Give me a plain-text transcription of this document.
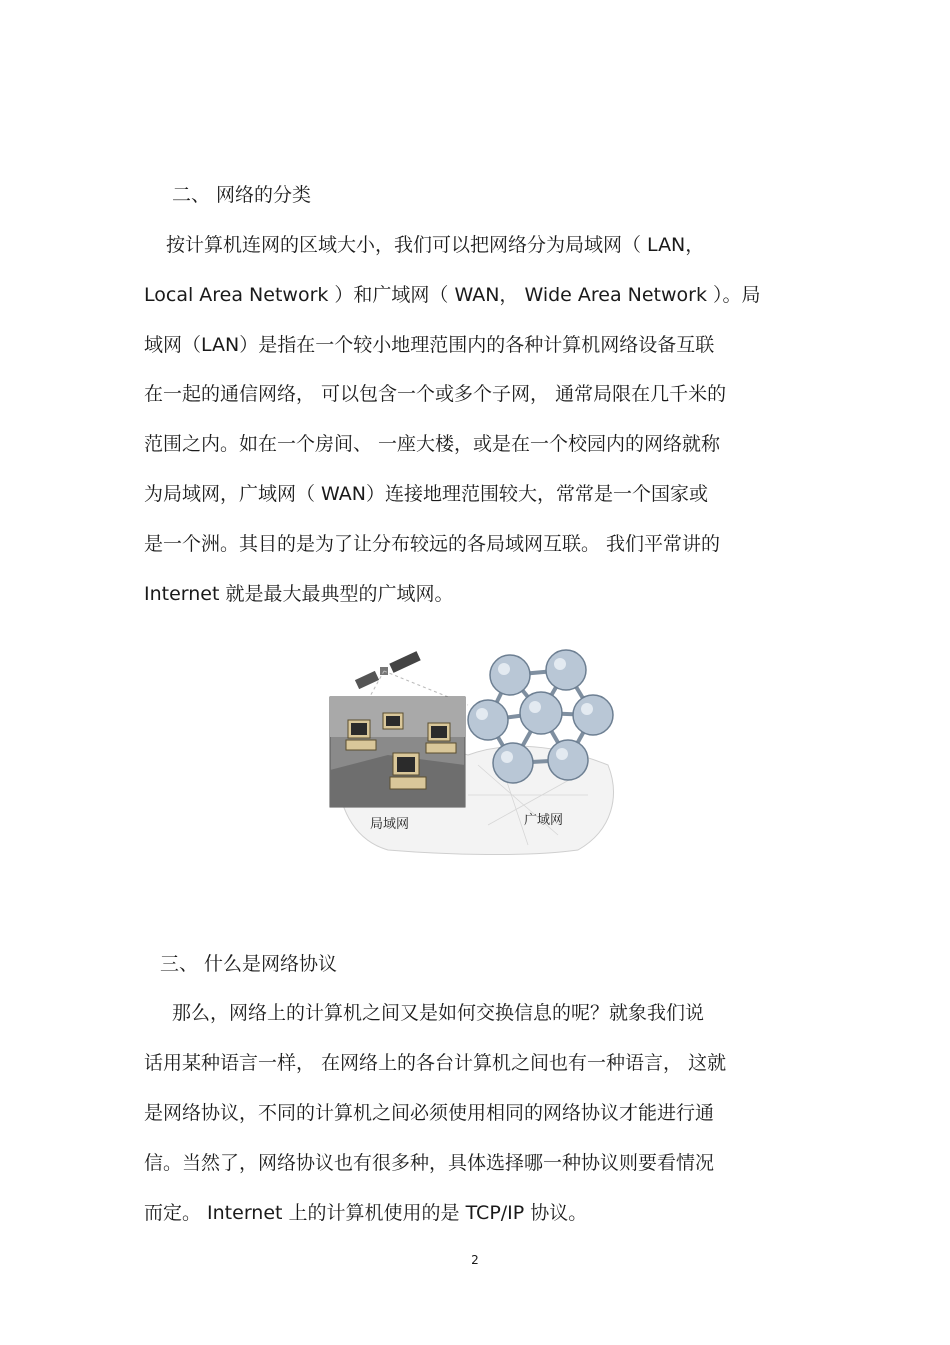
二、 网络的分类
按计算机连网的区域大小，我们可以把网络分为局域网（ LAN，
Local Area Network ）和广域网（ WAN， Wide Area Network ）。局
域网（LAN）是指在一个较小地理范围内的各种计算机网络设备互联
在一起的通信网络， 可以包含一个或多个子网， 通常局限在几千米的
范围之内。如在一个房间、 一座大楼，或是在一个校园内的网络就称
为局域网，广域网（ WAN）连接地理范围较大，常常是一个国家或
是一个洲。其目的是为了让分布较远的各局域网互联。 我们平常讲的
Internet 就是最大最典型的广域网。
局域网	广域网
三、 什么是网络协议
那么，网络上的计算机之间又是如何交换信息的呢？就象我们说
话用某种语言一样， 在网络上的各台计算机之间也有一种语言， 这就
是网络协议，不同的计算机之间必须使用相同的网络协议才能进行通
信。当然了，网络协议也有很多种，具体选择哪一种协议则要看情况
而定。 Internet 上的计算机使用的是 TCP/IP 协议。
2
